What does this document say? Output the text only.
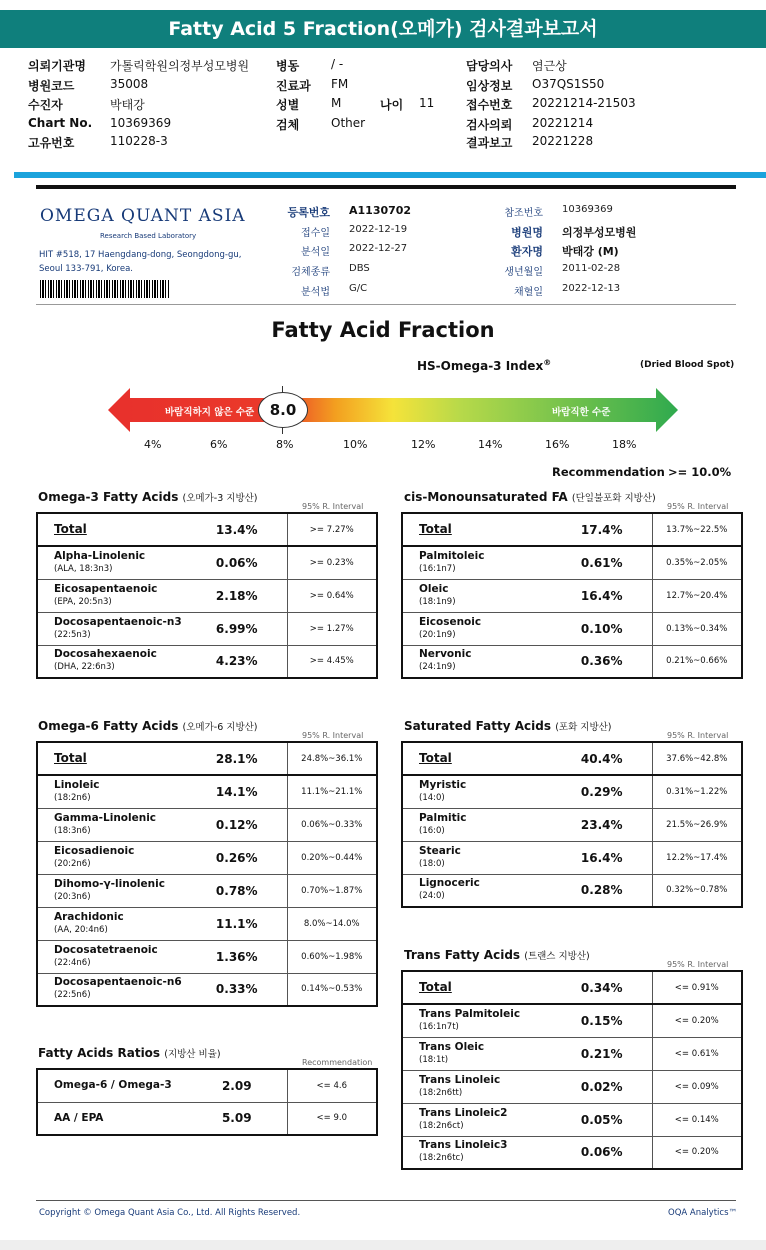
Fatty Acid 5 Fraction(오메가) 검사결과보고서
의뢰기관명 가톨릭학원의정부성모병원
병원코드	35008
수진자	박태강
Chart No. 10369369
고유번호	110228-3
병동	/ -
진료과 FM
성별	M	나이 11
검체	Other
담당의사 염근상
임상정보 O37QS1S50
접수번호 20221214-21503
검사의뢰 20221214
결과보고 20221228
OMEGA QUANT ASIA
Research Based Laboratory
HIT #518, 17 Haengdang-dong, Seongdong-gu, Seoul 133-791, Korea.
등록번호 A1130702
접수일 2022-12-19
분석일 2022-12-27
검체종류 DBS
분석법 G/C
참조번호 10369369
병원명 의정부성모병원
환자명 박태강 (M)
생년월일 2011-02-28
채혈일 2022-12-13
Fatty Acid Fraction
HS-Omega-3 Index®	(Dried Blood Spot)
바람직하지 않은 수준	바람직한 수준
8.0
4%	6%	8%	10%	12%	14%	16%	18%
Recommendation >= 10.0%
Omega-3 Fatty Acids (오메가-3 지방산)
95% R. Interval
Total	13.4%	>= 7.27%
Alpha-Linolenic
(ALA, 18:3n3)	0.06%	>= 0.23%
Eicosapentaenoic
(EPA, 20:5n3)	2.18%	>= 0.64%
Docosapentaenoic-n3
(22:5n3)	6.99%	>= 1.27%
Docosahexaenoic
(DHA, 22:6n3)	4.23%	>= 4.45%
cis-Monounsaturated FA (단일불포화 지방산)
95% R. Interval
Total	17.4%	13.7%~22.5%
Palmitoleic
(16:1n7)	0.61%	0.35%~2.05%
Oleic
(18:1n9)	16.4%	12.7%~20.4%
Eicosenoic
(20:1n9)	0.10%	0.13%~0.34%
Nervonic
(24:1n9)	0.36%	0.21%~0.66%
Omega-6 Fatty Acids (오메가-6 지방산)
95% R. Interval
Total	28.1%	24.8%~36.1%
Linoleic
(18:2n6)	14.1%	11.1%~21.1%
Gamma-Linolenic
(18:3n6)	0.12%	0.06%~0.33%
Eicosadienoic
(20:2n6)	0.26%	0.20%~0.44%
Dihomo-γ-linolenic
(20:3n6)	0.78%	0.70%~1.87%
Arachidonic
(AA, 20:4n6)	11.1%	8.0%~14.0%
Docosatetraenoic
(22:4n6)	1.36%	0.60%~1.98%
Docosapentaenoic-n6
(22:5n6)	0.33%	0.14%~0.53%
Saturated Fatty Acids (포화 지방산)
95% R. Interval
Total	40.4%	37.6%~42.8%
Myristic
(14:0)	0.29%	0.31%~1.22%
Palmitic
(16:0)	23.4%	21.5%~26.9%
Stearic
(18:0)	16.4%	12.2%~17.4%
Lignoceric
(24:0)	0.28%	0.32%~0.78%
Trans Fatty Acids (트랜스 지방산)
95% R. Interval
Total	0.34%	<= 0.91%
Trans Palmitoleic
(16:1n7t)	0.15%	<= 0.20%
Trans Oleic
(18:1t)	0.21%	<= 0.61%
Trans Linoleic
(18:2n6tt)	0.02%	<= 0.09%
Trans Linoleic2
(18:2n6ct)	0.05%	<= 0.14%
Trans Linoleic3
(18:2n6tc)	0.06%	<= 0.20%
Fatty Acids Ratios (지방산 비율)
Recommendation
Omega-6 / Omega-3	2.09	<= 4.6
AA / EPA	5.09	<= 9.0
Copyright © Omega Quant Asia Co., Ltd. All Rights Reserved.	OQA Analytics™
